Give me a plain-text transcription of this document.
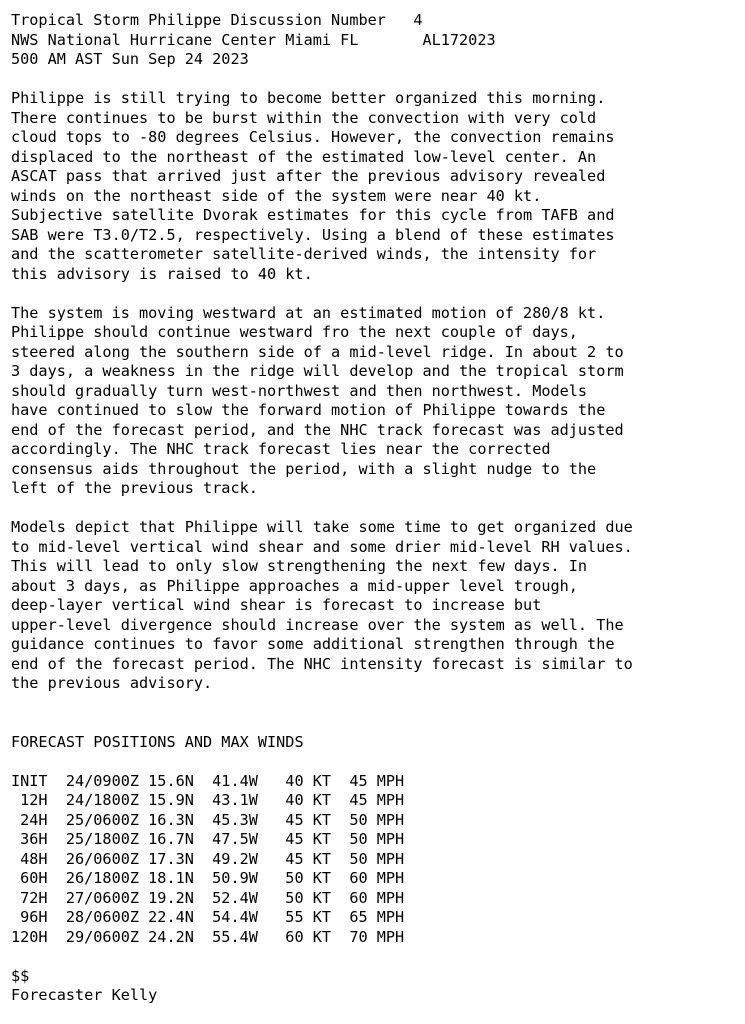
Tropical Storm Philippe Discussion Number   4
NWS National Hurricane Center Miami FL       AL172023
500 AM AST Sun Sep 24 2023
Philippe is still trying to become better organized this morning.
There continues to be burst within the convection with very cold
cloud tops to -80 degrees Celsius. However, the convection remains
displaced to the northeast of the estimated low-level center. An
ASCAT pass that arrived just after the previous advisory revealed
winds on the northeast side of the system were near 40 kt.
Subjective satellite Dvorak estimates for this cycle from TAFB and
SAB were T3.0/T2.5, respectively. Using a blend of these estimates
and the scatterometer satellite-derived winds, the intensity for
this advisory is raised to 40 kt.
The system is moving westward at an estimated motion of 280/8 kt.
Philippe should continue westward fro the next couple of days,
steered along the southern side of a mid-level ridge. In about 2 to
3 days, a weakness in the ridge will develop and the tropical storm
should gradually turn west-northwest and then northwest. Models
have continued to slow the forward motion of Philippe towards the
end of the forecast period, and the NHC track forecast was adjusted
accordingly. The NHC track forecast lies near the corrected
consensus aids throughout the period, with a slight nudge to the
left of the previous track.
Models depict that Philippe will take some time to get organized due
to mid-level vertical wind shear and some drier mid-level RH values.
This will lead to only slow strengthening the next few days. In
about 3 days, as Philippe approaches a mid-upper level trough,
deep-layer vertical wind shear is forecast to increase but
upper-level divergence should increase over the system as well. The
guidance continues to favor some additional strengthen through the
end of the forecast period. The NHC intensity forecast is similar to
the previous advisory.
FORECAST POSITIONS AND MAX WINDS
INIT  24/0900Z 15.6N  41.4W   40 KT  45 MPH
12H  24/1800Z 15.9N  43.1W   40 KT  45 MPH
24H  25/0600Z 16.3N  45.3W   45 KT  50 MPH
36H  25/1800Z 16.7N  47.5W   45 KT  50 MPH
48H  26/0600Z 17.3N  49.2W   45 KT  50 MPH
60H  26/1800Z 18.1N  50.9W   50 KT  60 MPH
72H  27/0600Z 19.2N  52.4W   50 KT  60 MPH
96H  28/0600Z 22.4N  54.4W   55 KT  65 MPH
120H  29/0600Z 24.2N  55.4W   60 KT  70 MPH
$$
Forecaster Kelly
